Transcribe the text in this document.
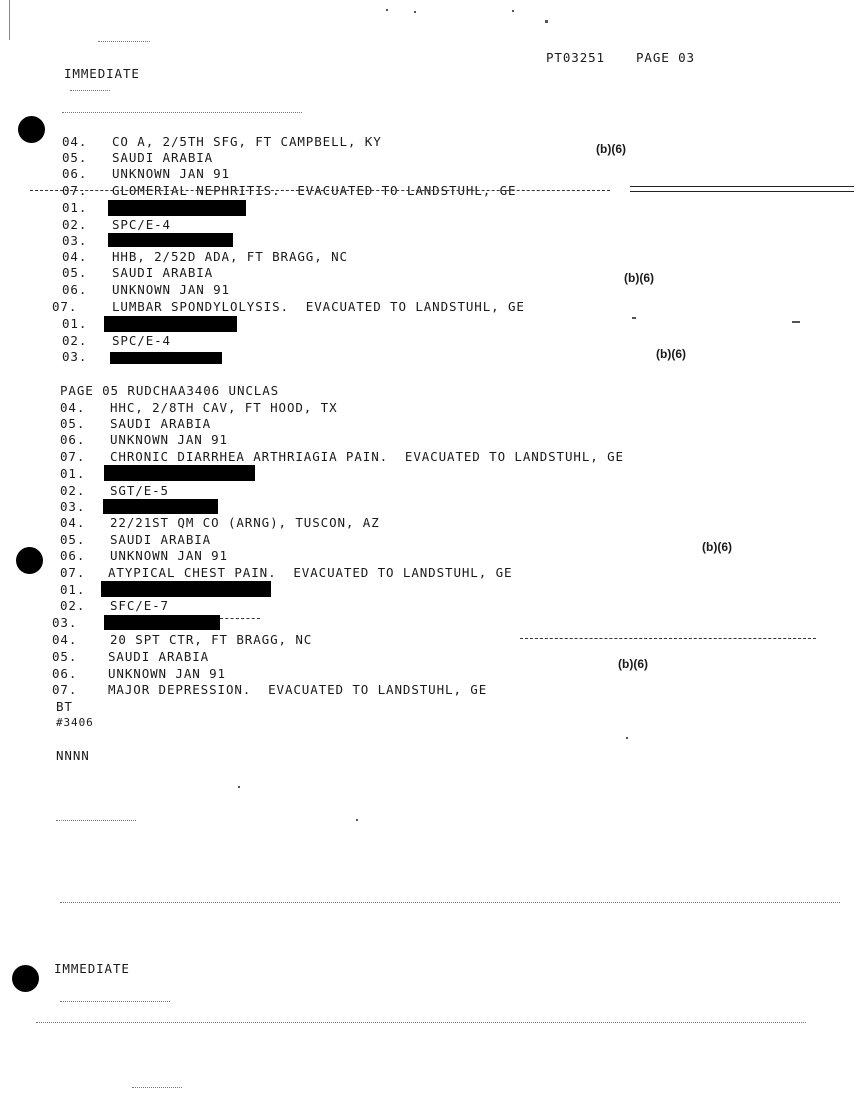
PT03251 PAGE 03
IMMEDIATE
04. CO A, 2/5TH SFG, FT CAMPBELL, KY	(b)(6)
05. SAUDI ARABIA
06. UNKNOWN JAN 91
07. GLOMERIAL NEPHRITIS.  EVACUATED TO LANDSTUHL, GE
01.
02. SPC/E-4
03.
04. HHB, 2/52D ADA, FT BRAGG, NC
05. SAUDI ARABIA	(b)(6)
06. UNKNOWN JAN 91
07.	LUMBAR SPONDYLOLYSIS.  EVACUATED TO LANDSTUHL, GE
01.
02. SPC/E-4
(b)(6)
03.
PAGE 05 RUDCHAA3406 UNCLAS
04. HHC, 2/8TH CAV, FT HOOD, TX
05. SAUDI ARABIA
06. UNKNOWN JAN 91
07. CHRONIC DIARRHEA ARTHRIAGIA PAIN.  EVACUATED TO LANDSTUHL, GE
01.
02. SGT/E-5
03.
04. 22/21ST QM CO (ARNG), TUSCON, AZ
05. SAUDI ARABIA	(b)(6)
06. UNKNOWN JAN 91
07. ATYPICAL CHEST PAIN.  EVACUATED TO LANDSTUHL, GE
01.
02. SFC/E-7
03.
04.	20 SPT CTR, FT BRAGG, NC
05. SAUDI ARABIA	(b)(6)
06. UNKNOWN JAN 91
07. MAJOR DEPRESSION.  EVACUATED TO LANDSTUHL, GE
BT
#3406
NNNN
IMMEDIATE
